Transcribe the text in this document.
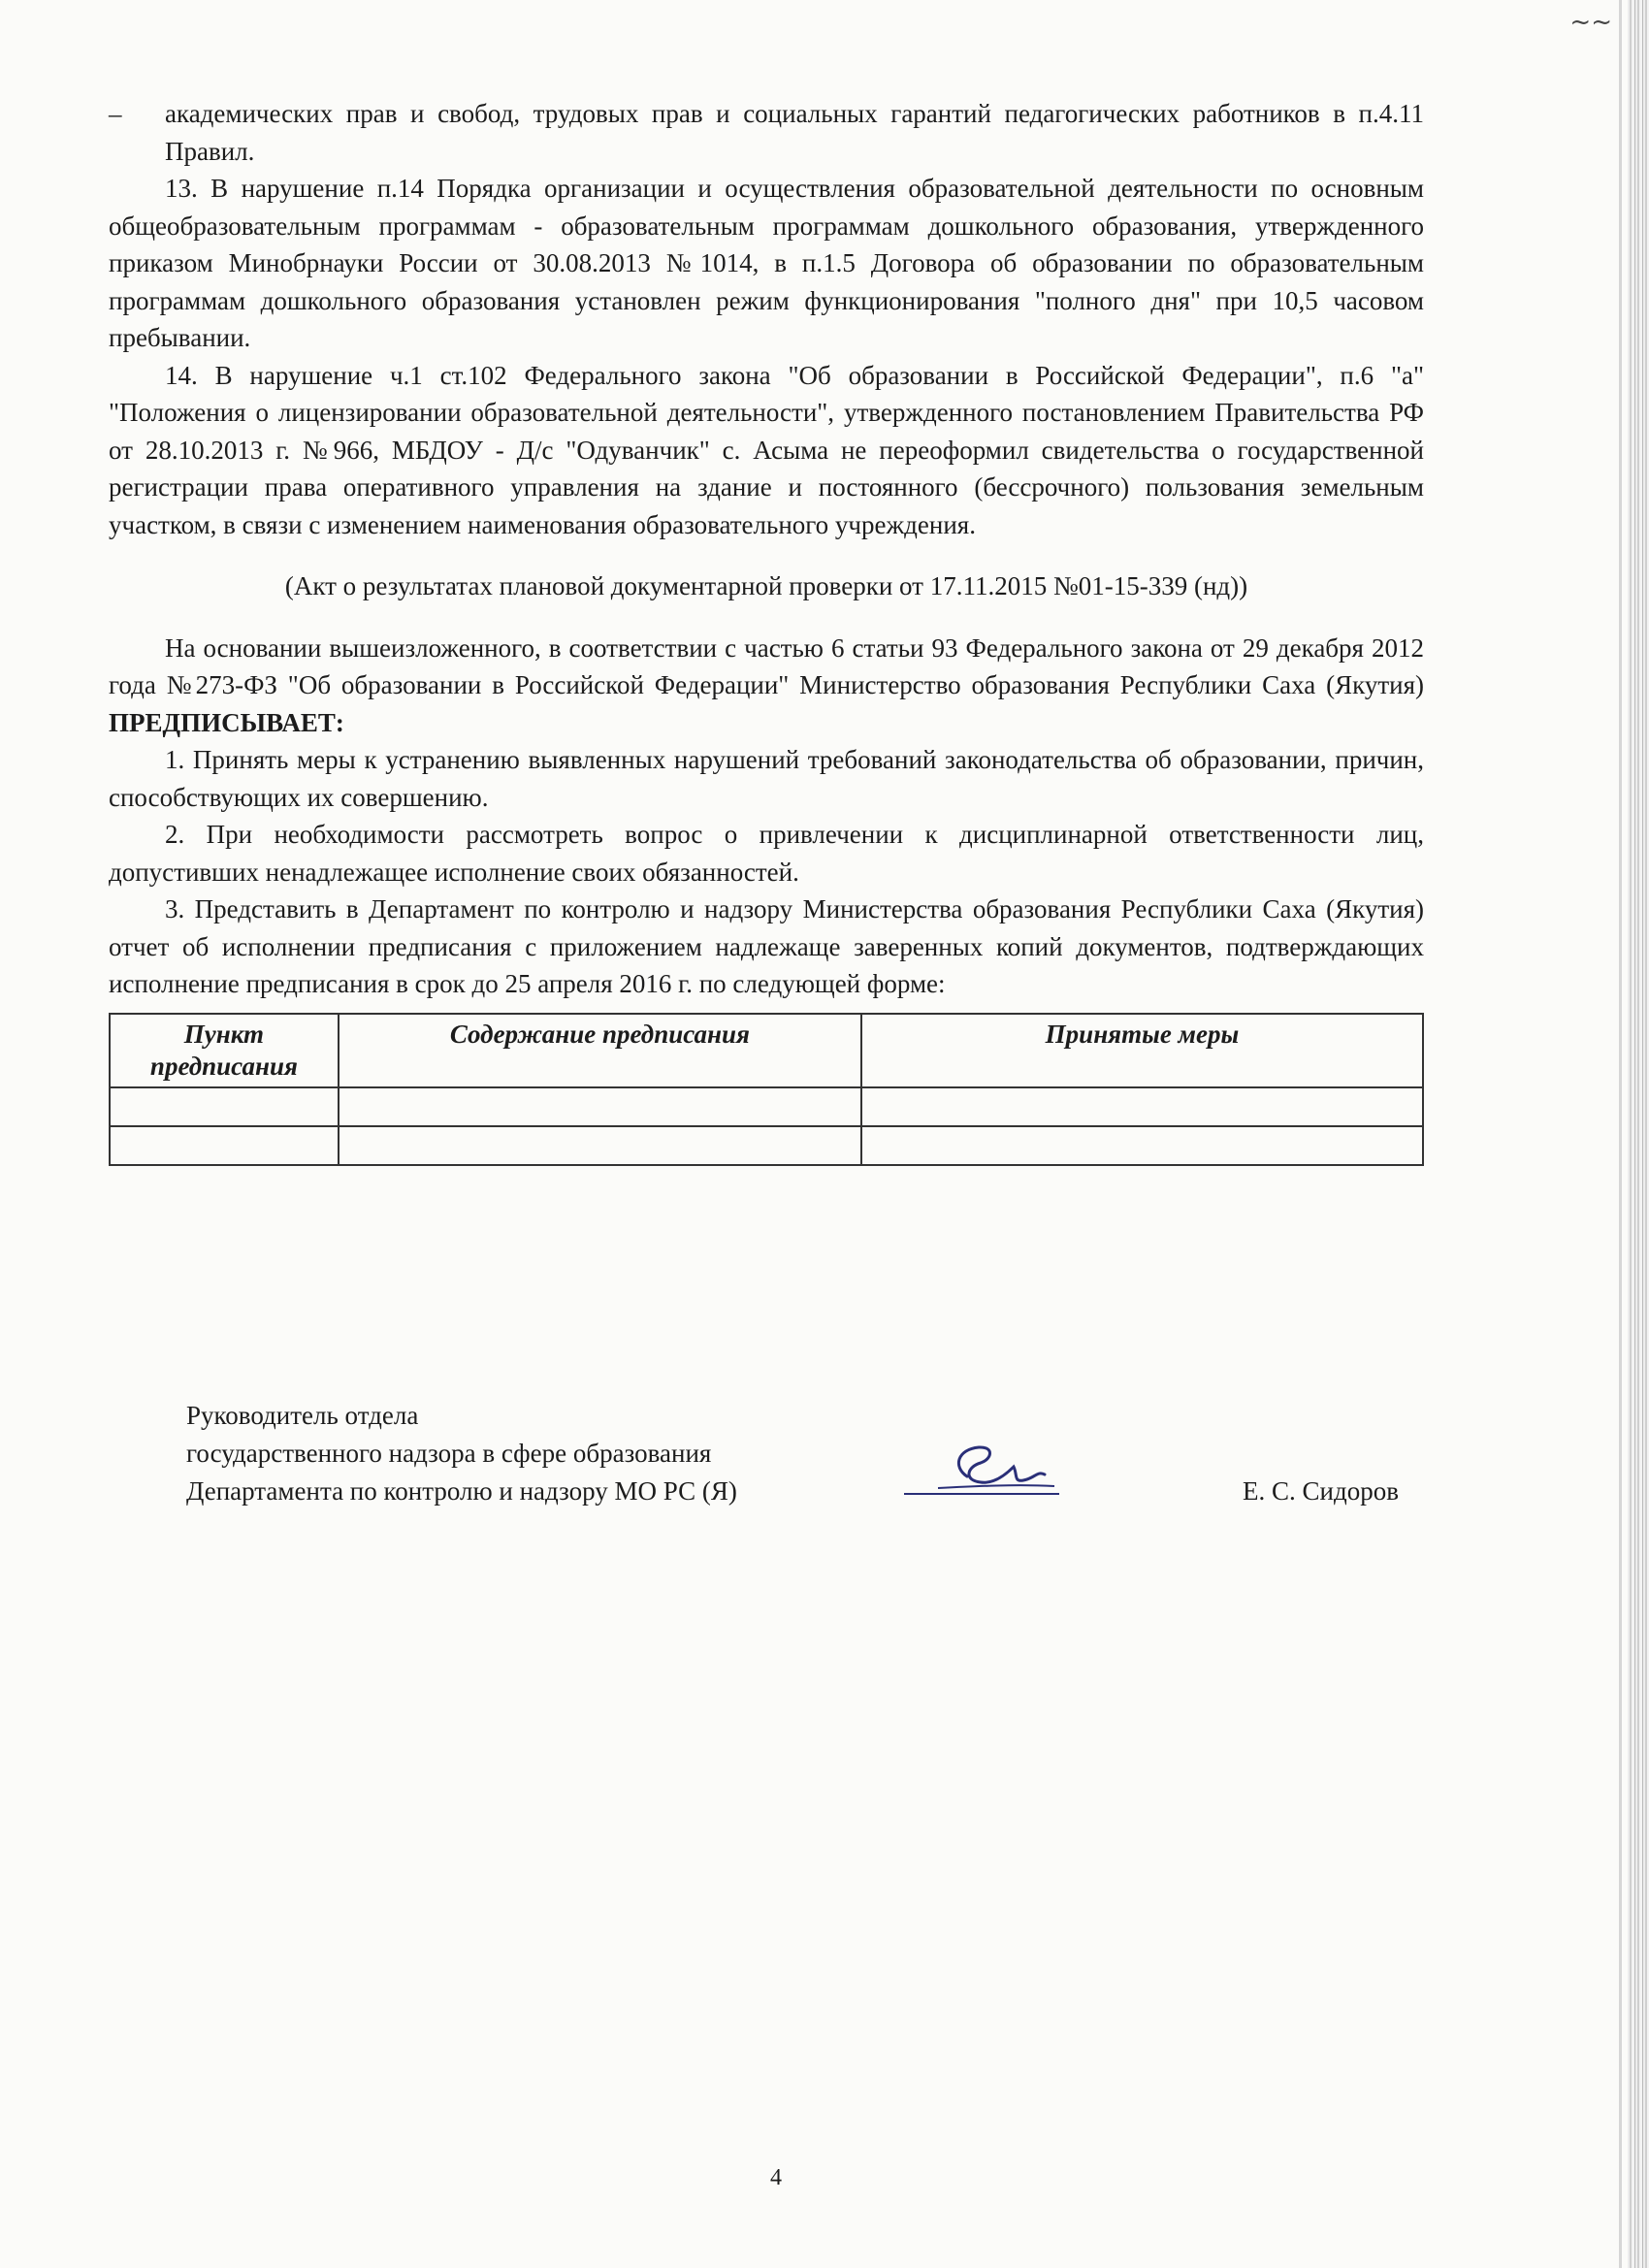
~~

– академических прав и свобод, трудовых прав и социальных гарантий педагогических работников в п.4.11 Правил.

13. В нарушение п.14 Порядка организации и осуществления образовательной деятельности по основным общеобразовательным программам - образовательным программам дошкольного образования, утвержденного приказом Минобрнауки России от 30.08.2013 №1014, в п.1.5 Договора об образовании по образовательным программам дошкольного образования установлен режим функционирования "полного дня" при 10,5 часовом пребывании.

14. В нарушение ч.1 ст.102 Федерального закона "Об образовании в Российской Федерации", п.6 "а" "Положения о лицензировании образовательной деятельности", утвержденного постановлением Правительства РФ от 28.10.2013 г. №966, МБДОУ - Д/с "Одуванчик" с. Асыма не переоформил свидетельства о государственной регистрации права оперативного управления на здание и постоянного (бессрочного) пользования земельным участком, в связи с изменением наименования образовательного учреждения.

(Акт о результатах плановой документарной проверки от 17.11.2015 №01-15-339 (нд))

На основании вышеизложенного, в соответствии с частью 6 статьи 93 Федерального закона от 29 декабря 2012 года №273-ФЗ "Об образовании в Российской Федерации" Министерство образования Республики Саха (Якутия) ПРЕДПИСЫВАЕТ:

1. Принять меры к устранению выявленных нарушений требований законодательства об образовании, причин, способствующих их совершению.

2. При необходимости рассмотреть вопрос о привлечении к дисциплинарной ответственности лиц, допустивших ненадлежащее исполнение своих обязанностей.

3. Представить в Департамент по контролю и надзору Министерства образования Республики Саха (Якутия) отчет об исполнении предписания с приложением надлежаще заверенных копий документов, подтверждающих исполнение предписания в срок до 25 апреля 2016 г. по следующей форме:

Пункт предписания	Содержание предписания	Принятые меры

Руководитель отдела
государственного надзора в сфере образования
Департамента по контролю и надзору МО РС (Я)	Е. С. Сидоров
4
